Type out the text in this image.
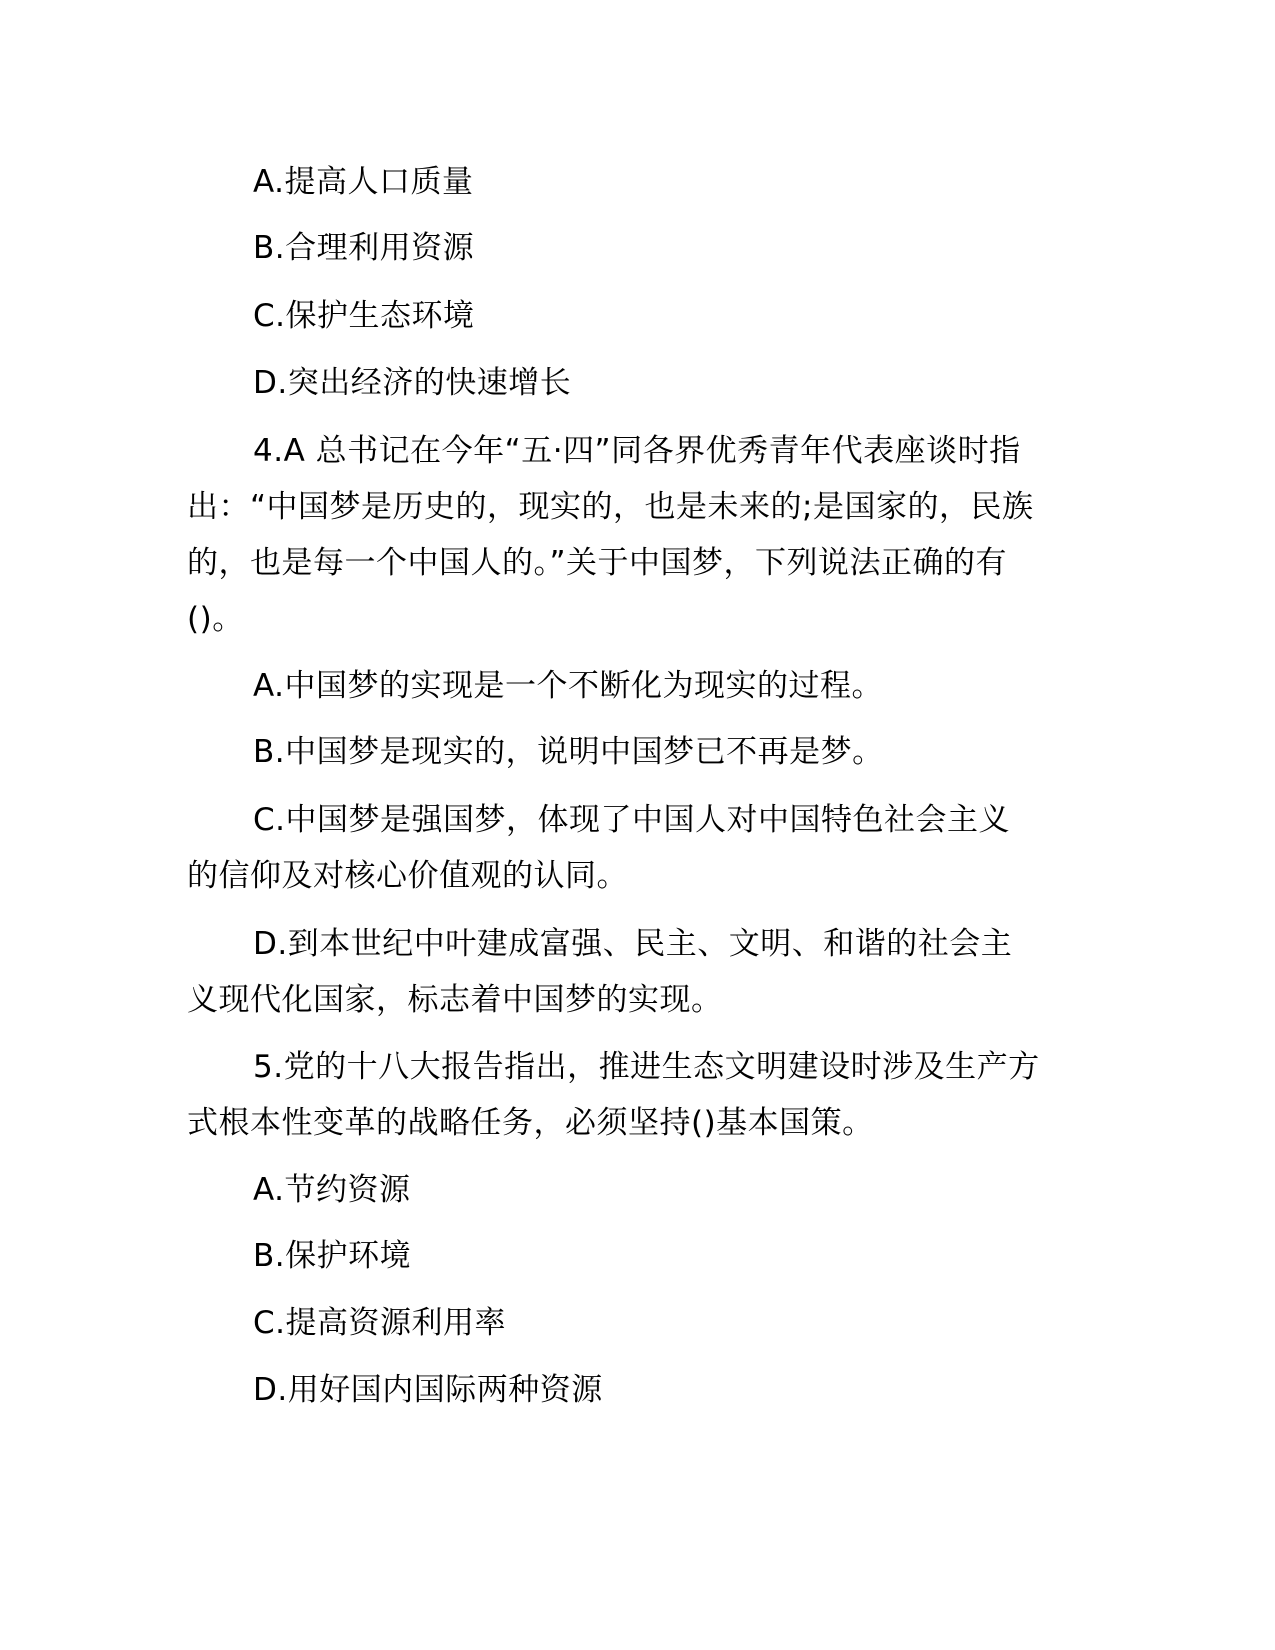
A.提高人口质量
B.合理利用资源
C.保护生态环境
D.突出经济的快速增长
4.A 总书记在今年“五·四”同各界优秀青年代表座谈时指
出：“中国梦是历史的，现实的，也是未来的;是国家的，民族
的，也是每一个中国人的。”关于中国梦，下列说法正确的有
()。
A.中国梦的实现是一个不断化为现实的过程。
B.中国梦是现实的，说明中国梦已不再是梦。
C.中国梦是强国梦，体现了中国人对中国特色社会主义
的信仰及对核心价值观的认同。
D.到本世纪中叶建成富强、民主、文明、和谐的社会主
义现代化国家，标志着中国梦的实现。
5.党的十八大报告指出，推进生态文明建设时涉及生产方
式根本性变革的战略任务，必须坚持()基本国策。
A.节约资源
B.保护环境
C.提高资源利用率
D.用好国内国际两种资源
